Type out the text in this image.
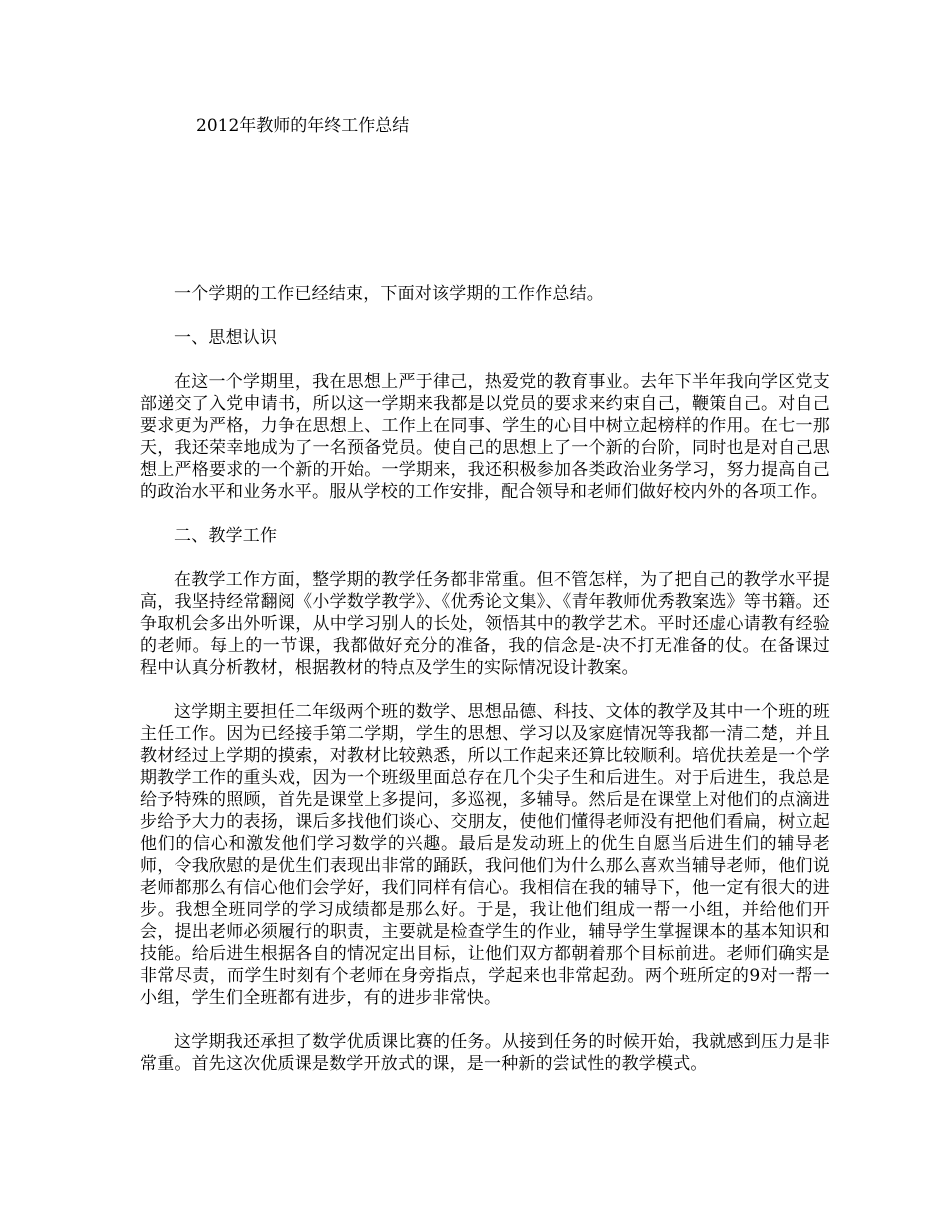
2012年教师的年终工作总结

一个学期的工作已经结束，下面对该学期的工作作总结。

一、思想认识

在这一个学期里，我在思想上严于律己，热爱党的教育事业。去年下半年我向学区党支部递交了入党申请书，所以这一学期来我都是以党员的要求来约束自己，鞭策自己。对自己要求更为严格，力争在思想上、工作上在同事、学生的心目中树立起榜样的作用。在七一那天，我还荣幸地成为了一名预备党员。使自己的思想上了一个新的台阶，同时也是对自己思想上严格要求的一个新的开始。一学期来，我还积极参加各类政治业务学习，努力提高自己的政治水平和业务水平。服从学校的工作安排，配合领导和老师们做好校内外的各项工作。

二、教学工作

在教学工作方面，整学期的教学任务都非常重。但不管怎样，为了把自己的教学水平提高，我坚持经常翻阅《小学数学教学》、《优秀论文集》、《青年教师优秀教案选》等书籍。还争取机会多出外听课，从中学习别人的长处，领悟其中的教学艺术。平时还虚心请教有经验的老师。每上的一节课，我都做好充分的准备，我的信念是-决不打无准备的仗。在备课过程中认真分析教材，根据教材的特点及学生的实际情况设计教案。

这学期主要担任二年级两个班的数学、思想品德、科技、文体的教学及其中一个班的班主任工作。因为已经接手第二学期，学生的思想、学习以及家庭情况等我都一清二楚，并且教材经过上学期的摸索，对教材比较熟悉，所以工作起来还算比较顺利。培优扶差是一个学期教学工作的重头戏，因为一个班级里面总存在几个尖子生和后进生。对于后进生，我总是给予特殊的照顾，首先是课堂上多提问，多巡视，多辅导。然后是在课堂上对他们的点滴进步给予大力的表扬，课后多找他们谈心、交朋友，使他们懂得老师没有把他们看扁，树立起他们的信心和激发他们学习数学的兴趣。最后是发动班上的优生自愿当后进生们的辅导老师，令我欣慰的是优生们表现出非常的踊跃，我问他们为什么那么喜欢当辅导老师，他们说老师都那么有信心他们会学好，我们同样有信心。我相信在我的辅导下，他一定有很大的进步。我想全班同学的学习成绩都是那么好。于是，我让他们组成一帮一小组，并给他们开会，提出老师必须履行的职责，主要就是检查学生的作业，辅导学生掌握课本的基本知识和技能。给后进生根据各自的情况定出目标，让他们双方都朝着那个目标前进。老师们确实是非常尽责，而学生时刻有个老师在身旁指点，学起来也非常起劲。两个班所定的9对一帮一小组，学生们全班都有进步，有的进步非常快。

这学期我还承担了数学优质课比赛的任务。从接到任务的时候开始，我就感到压力是非常重。首先这次优质课是数学开放式的课，是一种新的尝试性的教学模式。
